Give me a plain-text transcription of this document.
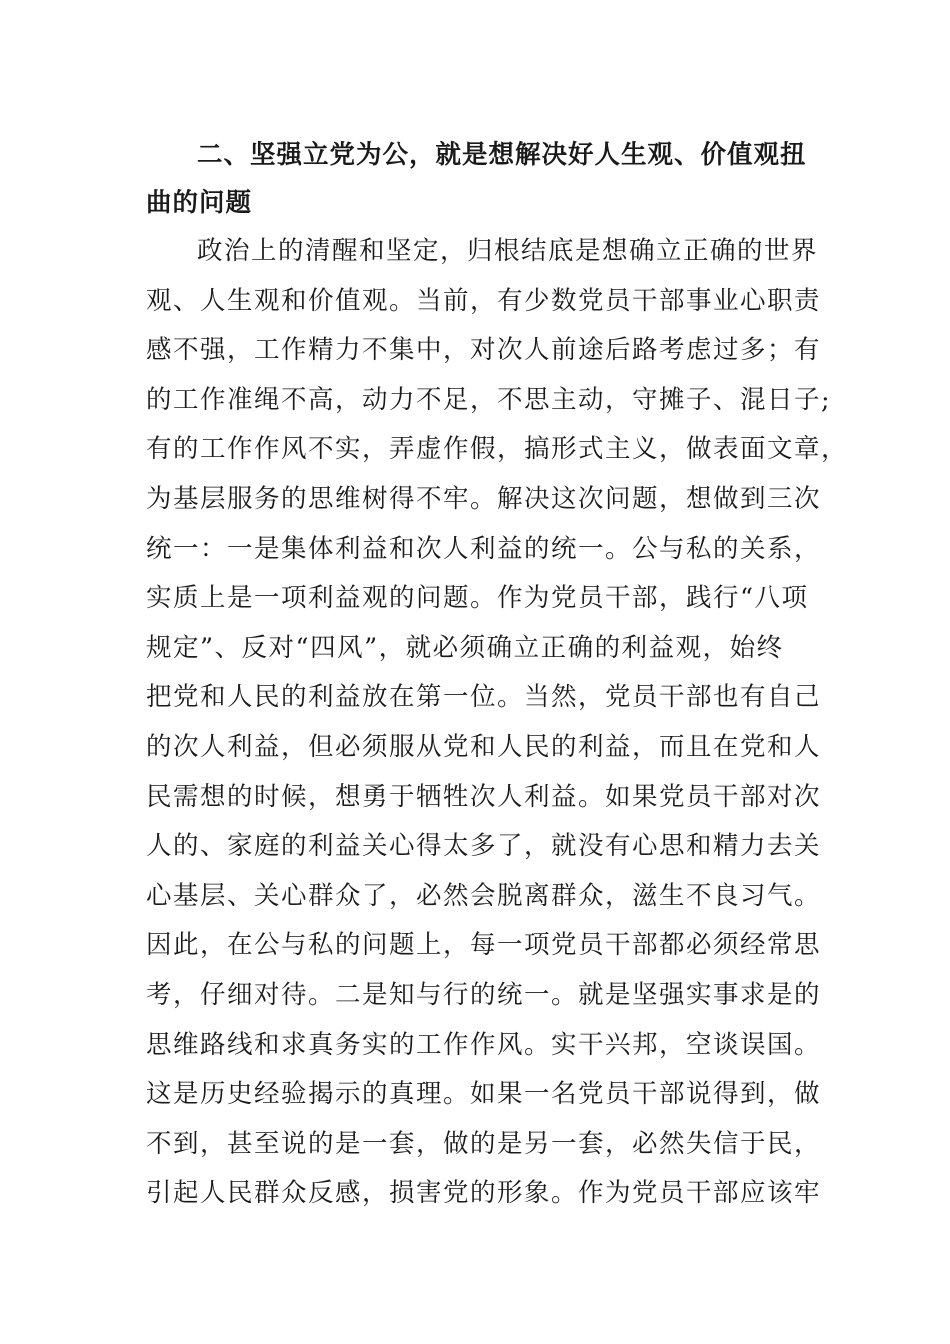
二、坚强立党为公，就是想解决好人生观、价值观扭
曲的问题
政治上的清醒和坚定，归根结底是想确立正确的世界
观、人生观和价值观。当前，有少数党员干部事业心职责
感不强，工作精力不集中，对次人前途后路考虑过多；有
的工作准绳不高，动力不足，不思主动，守摊子、混日子;
有的工作作风不实，弄虚作假，搞形式主义，做表面文章，
为基层服务的思维树得不牢。解决这次问题，想做到三次
统一：一是集体利益和次人利益的统一。公与私的关系，
实质上是一项利益观的问题。作为党员干部，践行“八项
规定”、反对“四风”，就必须确立正确的利益观，始终
把党和人民的利益放在第一位。当然，党员干部也有自己
的次人利益，但必须服从党和人民的利益，而且在党和人
民需想的时候，想勇于牺牲次人利益。如果党员干部对次
人的、家庭的利益关心得太多了，就没有心思和精力去关
心基层、关心群众了，必然会脱离群众，滋生不良习气。
因此，在公与私的问题上，每一项党员干部都必须经常思
考，仔细对待。二是知与行的统一。就是坚强实事求是的
思维路线和求真务实的工作作风。实干兴邦，空谈误国。
这是历史经验揭示的真理。如果一名党员干部说得到，做
不到，甚至说的是一套，做的是另一套，必然失信于民，
引起人民群众反感，损害党的形象。作为党员干部应该牢
